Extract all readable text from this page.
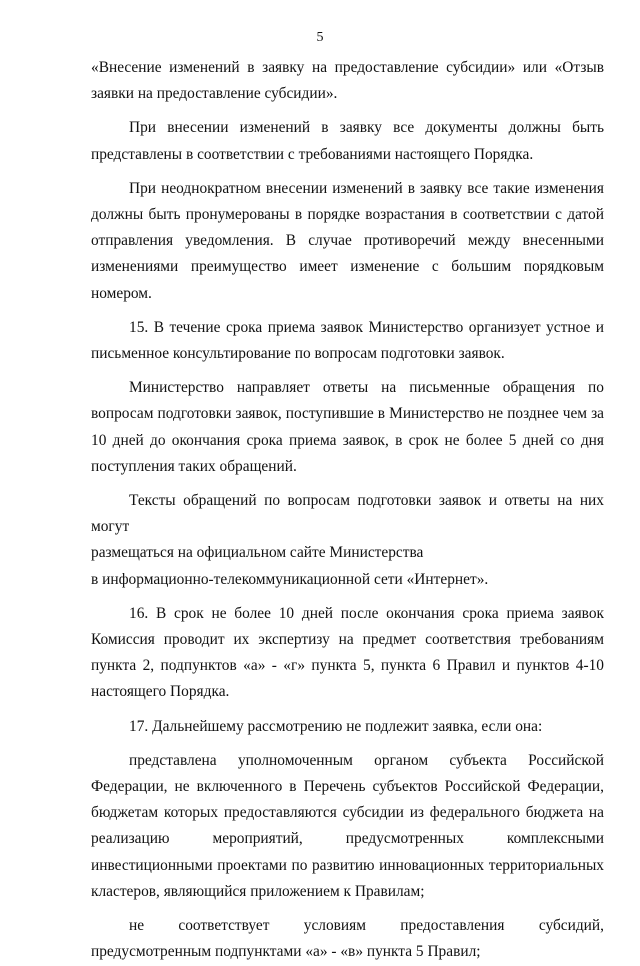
5

«Внесение изменений в заявку на предоставление субсидии» или «Отзыв заявки на предоставление субсидии».

При внесении изменений в заявку все документы должны быть представлены в соответствии с требованиями настоящего Порядка.

При неоднократном внесении изменений в заявку все такие изменения должны быть пронумерованы в порядке возрастания в соответствии с датой отправления уведомления. В случае противоречий между внесенными изменениями преимущество имеет изменение с большим порядковым номером.

15. В течение срока приема заявок Министерство организует устное и письменное консультирование по вопросам подготовки заявок.

Министерство направляет ответы на письменные обращения по вопросам подготовки заявок, поступившие в Министерство не позднее чем за 10 дней до окончания срока приема заявок, в срок не более 5 дней со дня поступления таких обращений.

Тексты обращений по вопросам подготовки заявок и ответы на них могут

размещаться на официальном сайте Министерства

в информационно-телекоммуникационной сети «Интернет».

16. В срок не более 10 дней после окончания срока приема заявок Комиссия проводит их экспертизу на предмет соответствия требованиям пункта 2, подпунктов «а» - «г» пункта 5, пункта 6 Правил и пунктов 4-10 настоящего Порядка.

17. Дальнейшему рассмотрению не подлежит заявка, если она:

представлена уполномоченным органом субъекта Российской Федерации, не включенного в Перечень субъектов Российской Федерации, бюджетам которых предоставляются субсидии из федерального бюджета на реализацию мероприятий, предусмотренных комплексными инвестиционными проектами по развитию инновационных территориальных кластеров, являющийся приложением к Правилам;

не соответствует условиям предоставления субсидий, предусмотренным подпунктами «а» - «в» пункта 5 Правил;
